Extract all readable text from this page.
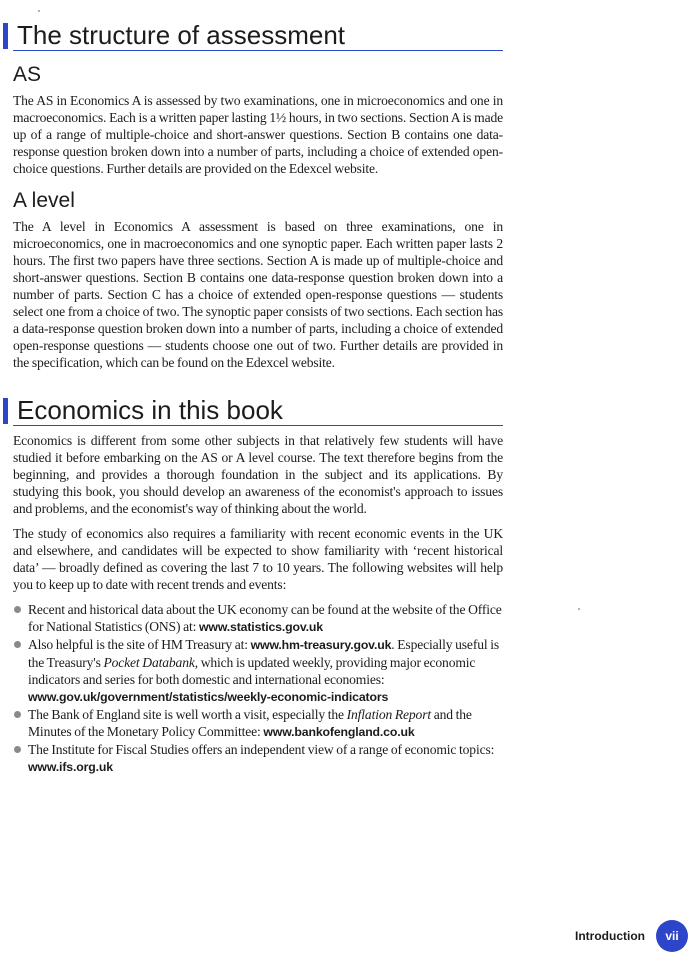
The structure of assessment
AS

The AS in Economics A is assessed by two examinations, one in microeconomics and one in macroeconomics. Each is a written paper lasting 1½ hours, in two sections. Section A is made up of a range of multiple-choice and short-answer questions. Section B contains one data-response question broken down into a number of parts, including a choice of extended open-choice questions. Further details are provided on the Edexcel website.

A level

The A level in Economics A assessment is based on three examinations, one in microeconomics, one in macroeconomics and one synoptic paper. Each written paper lasts 2 hours. The first two papers have three sections. Section A is made up of multiple-choice and short-answer questions. Section B contains one data-response question broken down into a number of parts. Section C has a choice of extended open-response questions — students select one from a choice of two. The synoptic paper consists of two sections. Each section has a data-response question broken down into a number of parts, including a choice of extended open-response questions — students choose one out of two. Further details are provided in the specification, which can be found on the Edexcel website.

Economics in this book

Economics is different from some other subjects in that relatively few students will have studied it before embarking on the AS or A level course. The text therefore begins from the beginning, and provides a thorough foundation in the subject and its applications. By studying this book, you should develop an awareness of the economist's approach to issues and problems, and the economist's way of thinking about the world.

The study of economics also requires a familiarity with recent economic events in the UK and elsewhere, and candidates will be expected to show familiarity with ‘recent historical data’ — broadly defined as covering the last 7 to 10 years. The following websites will help you to keep up to date with recent trends and events:

Recent and historical data about the UK economy can be found at the website of the Office for National Statistics (ONS) at: www.statistics.gov.uk

Also helpful is the site of HM Treasury at: www.hm-treasury.gov.uk. Especially useful is the Treasury's Pocket Databank, which is updated weekly, providing major economic indicators and series for both domestic and international economies: www.gov.uk/government/statistics/weekly-economic-indicators

The Bank of England site is well worth a visit, especially the Inflation Report and the Minutes of the Monetary Policy Committee: www.bankofengland.co.uk

The Institute for Fiscal Studies offers an independent view of a range of economic topics: www.ifs.org.uk

Introduction	vii
